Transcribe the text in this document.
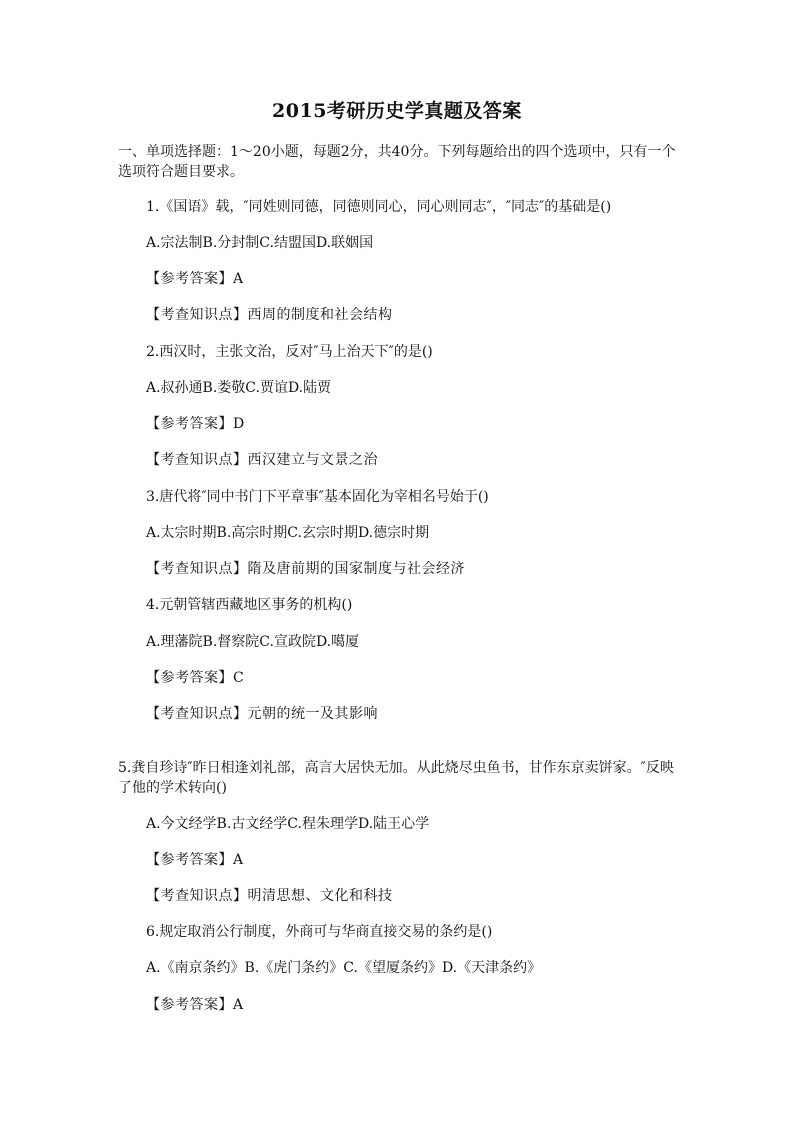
2015考研历史学真题及答案
一、单项选择题：1～20小题，每题2分，共40分。下列每题给出的四个选项中，只有一个选项符合题目要求。
1.《国语》载，″同姓则同德，同德则同心，同心则同志″，″同志″的基础是()
A.宗法制B.分封制C.结盟国D.联姻国
【参考答案】A
【考查知识点】西周的制度和社会结构
2.西汉时，主张文治，反对″马上治天下″的是()
A.叔孙通B.娄敬C.贾谊D.陆贾
【参考答案】D
【考查知识点】西汉建立与文景之治
3.唐代将″同中书门下平章事″基本固化为宰相名号始于()
A.太宗时期B.高宗时期C.玄宗时期D.德宗时期
【考查知识点】隋及唐前期的国家制度与社会经济
4.元朝管辖西藏地区事务的机构()
A.理藩院B.督察院C.宣政院D.噶厦
【参考答案】C
【考查知识点】元朝的统一及其影响
5.龚自珍诗″昨日相逢刘礼部，高言大居快无加。从此烧尽虫鱼书，甘作东京卖饼家。″反映了他的学术转向()
A.今文经学B.古文经学C.程朱理学D.陆王心学
【参考答案】A
【考查知识点】明清思想、文化和科技
6.规定取消公行制度，外商可与华商直接交易的条约是()
A.《南京条约》B.《虎门条约》C.《望厦条约》D.《天津条约》
【参考答案】A
